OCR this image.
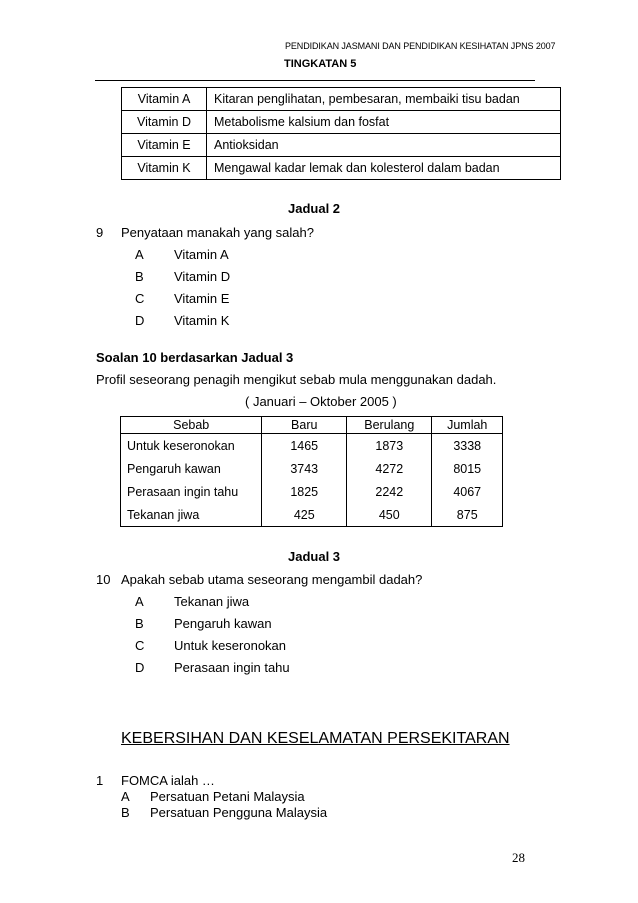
PENDIDIKAN JASMANI DAN PENDIDIKAN KESIHATAN JPNS 2007
TINGKATAN 5
Vitamin A	Kitaran penglihatan, pembesaran, membaiki tisu badan
Vitamin D	Metabolisme kalsium dan fosfat
Vitamin E	Antioksidan
Vitamin K	Mengawal kadar lemak dan kolesterol dalam badan
Jadual 2
9 Penyataan manakah yang salah?
A Vitamin A
B Vitamin D
C Vitamin E
D Vitamin K
Soalan 10 berdasarkan Jadual 3
Profil seseorang penagih mengikut sebab mula menggunakan dadah.
( Januari – Oktober 2005 )
Sebab	Baru	Berulang	Jumlah
Untuk keseronokan	1465	1873	3338
Pengaruh kawan	3743	4272	8015
Perasaan ingin tahu	1825	2242	4067
Tekanan jiwa	425	450	875
Jadual 3
10 Apakah sebab utama seseorang mengambil dadah?
A Tekanan jiwa
B Pengaruh kawan
C Untuk keseronokan
D Perasaan ingin tahu
KEBERSIHAN DAN KESELAMATAN PERSEKITARAN
1 FOMCA ialah …
A Persatuan Petani Malaysia
B Persatuan Pengguna Malaysia
28
